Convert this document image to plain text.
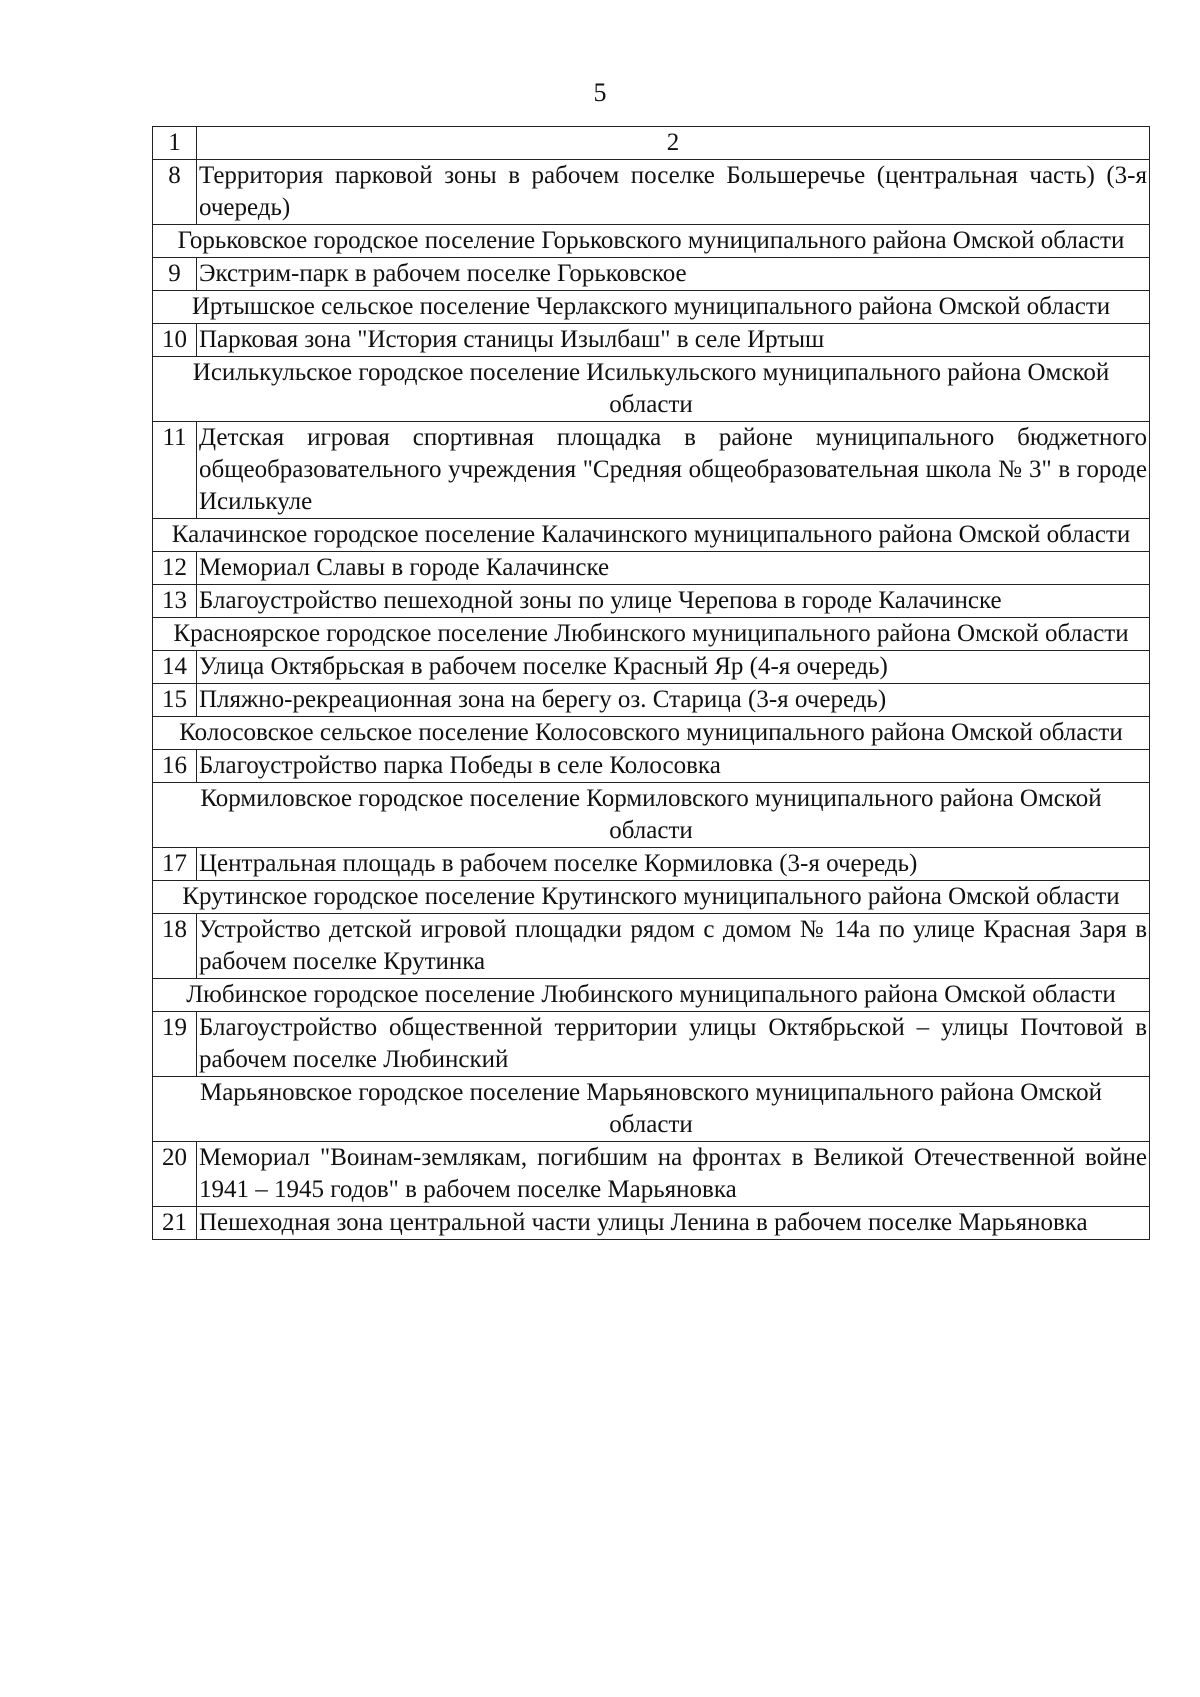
5
1	2
8	Территория парковой зоны в рабочем поселке Большеречье (центральная часть) (3-я очередь)
Горьковское городское поселение Горьковского муниципального района Омской области	
9	Экстрим-парк в рабочем поселке Горьковское
Иртышское сельское поселение Черлакского муниципального района Омской области	
10	Парковая зона "История станицы Изылбаш" в селе Иртыш
Исилькульское городское поселение Исилькульского муниципального района Омской области	
11	Детская игровая спортивная площадка в районе муниципального бюджетного общеобразовательного учреждения "Средняя общеобразовательная школа № 3" в городе Исилькуле
Калачинское городское поселение Калачинского муниципального района Омской области	
12	Мемориал Славы в городе Калачинске
13	Благоустройство пешеходной зоны по улице Черепова в городе Калачинске
Красноярское городское поселение Любинского муниципального района Омской области	
14	Улица Октябрьская в рабочем поселке Красный Яр (4-я очередь)
15	Пляжно-рекреационная зона на берегу оз. Старица (3-я очередь)
Колосовское сельское поселение Колосовского муниципального района Омской области	
16	Благоустройство парка Победы в селе Колосовка
Кормиловское городское поселение Кормиловского муниципального района Омской области	
17	Центральная площадь в рабочем поселке Кормиловка (3-я очередь)
Крутинское городское поселение Крутинского муниципального района Омской области	
18	Устройство детской игровой площадки рядом с домом № 14а по улице Красная Заря в рабочем поселке Крутинка
Любинское городское поселение Любинского муниципального района Омской области	
19	Благоустройство общественной территории улицы Октябрьской – улицы Почтовой в рабочем поселке Любинский
Марьяновское городское поселение Марьяновского муниципального района Омской области	
20	Мемориал "Воинам-землякам, погибшим на фронтах в Великой Отечественной войне 1941 – 1945 годов" в рабочем поселке Марьяновка
21	Пешеходная зона центральной части улицы Ленина в рабочем поселке Марьяновка
